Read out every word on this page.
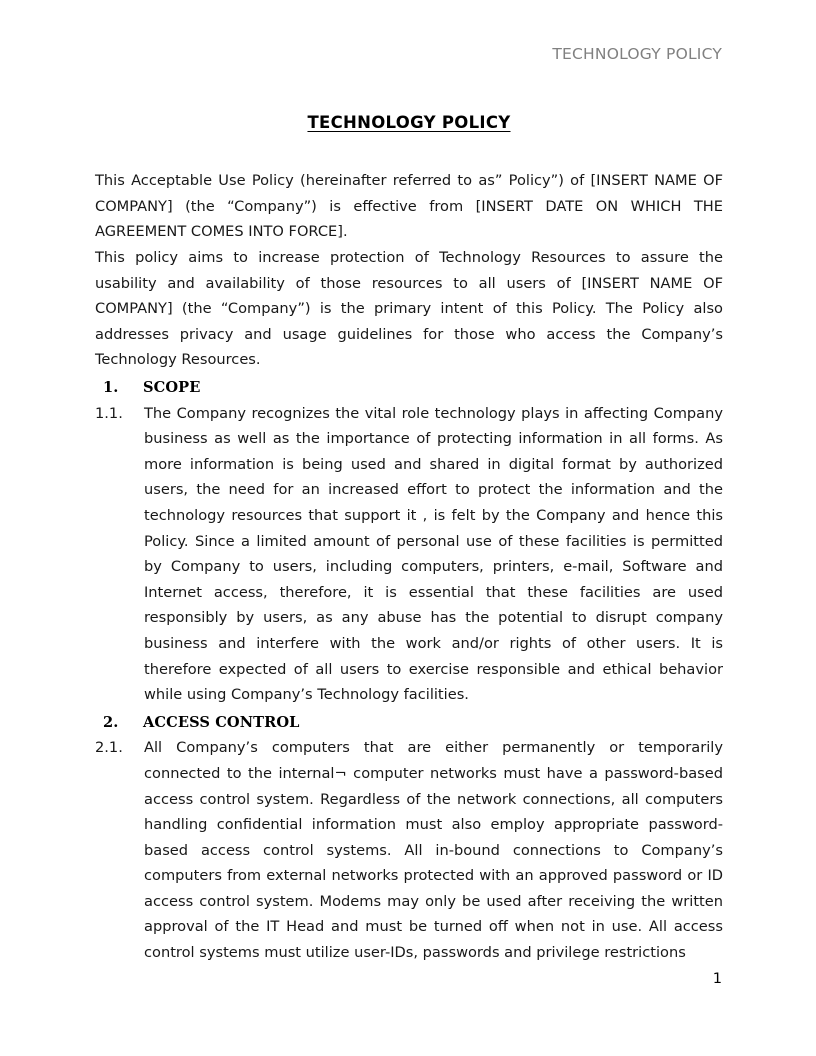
TECHNOLOGY POLICY
TECHNOLOGY POLICY

This Acceptable Use Policy (hereinafter referred to as” Policy”) of [INSERT NAME OF COMPANY] (the “Company”) is effective from [INSERT DATE ON WHICH THE AGREEMENT COMES INTO FORCE].

This policy aims to increase protection of Technology Resources to assure the usability and availability of those resources to all users of [INSERT NAME OF COMPANY] (the “Company”) is the primary intent of this Policy. The Policy also addresses privacy and usage guidelines for those who access the Company’s Technology Resources.

1.	SCOPE
1.1.	The Company recognizes the vital role technology plays in affecting Company business as well as the importance of protecting information in all forms. As more information is being used and shared in digital format by authorized users, the need for an increased effort to protect the information and the technology resources that support it , is felt by the Company and hence this Policy. Since a limited amount of personal use of these facilities is permitted by Company to users, including computers, printers, e-mail, Software and Internet access, therefore, it is essential that these facilities are used responsibly by users, as any abuse has the potential to disrupt company business and interfere with the work and/or rights of other users. It is therefore expected of all users to exercise responsible and ethical behavior while using Company’s Technology facilities.
2.	ACCESS CONTROL
2.1.	All Company’s computers that are either permanently or temporarily connected to the internal¬ computer networks must have a password-based access control system. Regardless of the network connections, all computers handling confidential information must also employ appropriate password-based access control systems. All in-bound connections to Company’s computers from external networks protected with an approved password or ID access control system. Modems may only be used after receiving the written approval of the IT Head and must be turned off when not in use. All access control systems must utilize user-IDs, passwords and privilege restrictions
1
